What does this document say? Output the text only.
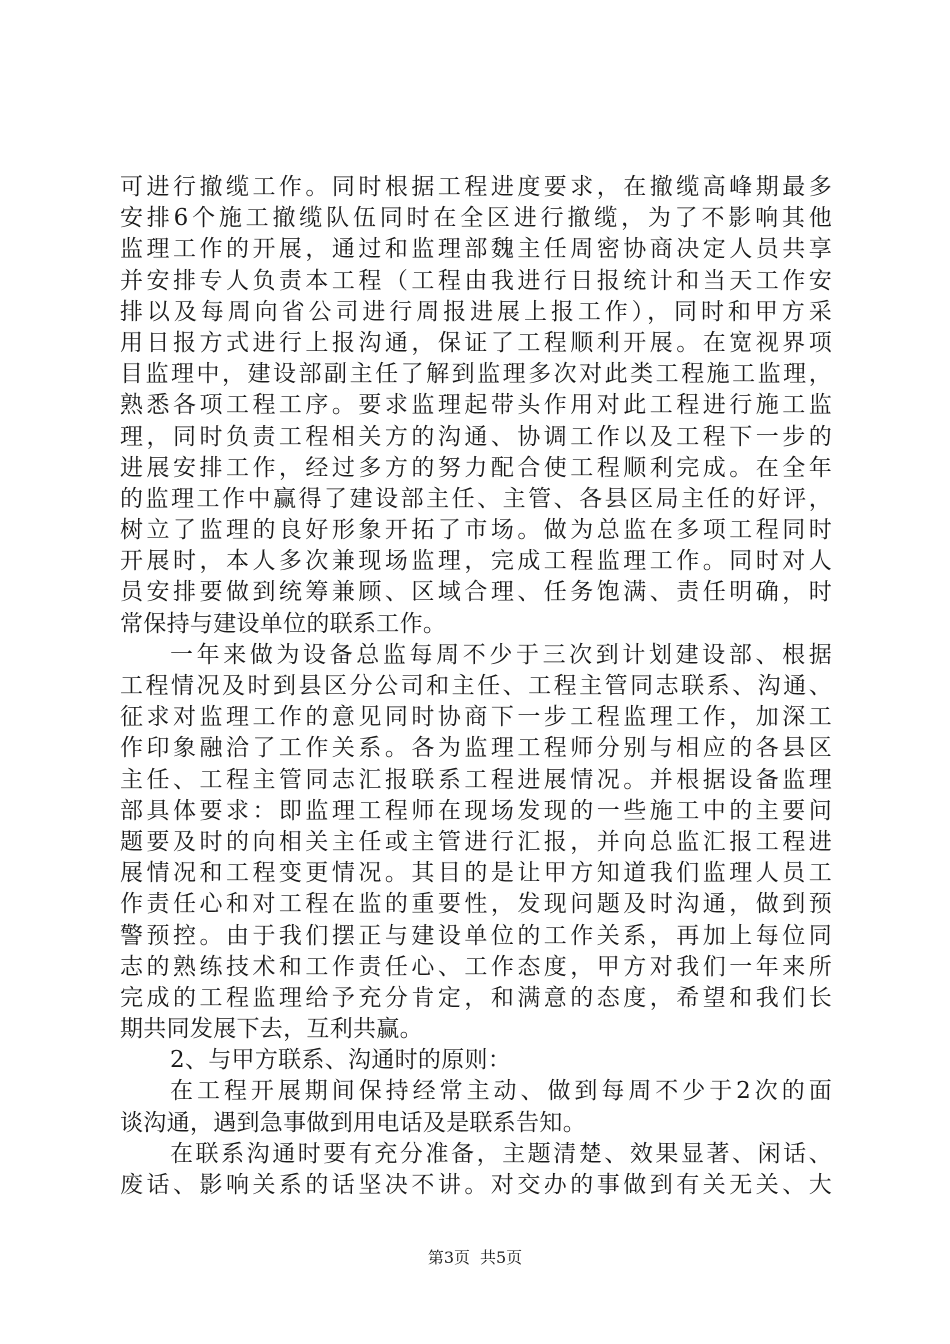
可进行撤缆工作。同时根据工程进度要求，在撤缆高峰期最多
安排6个施工撤缆队伍同时在全区进行撤缆，为了不影响其他
监理工作的开展，通过和监理部魏主任周密协商决定人员共享
并安排专人负责本工程（工程由我进行日报统计和当天工作安
排以及每周向省公司进行周报进展上报工作），同时和甲方采
用日报方式进行上报沟通，保证了工程顺利开展。在宽视界项
目监理中，建设部副主任了解到监理多次对此类工程施工监理，
熟悉各项工程工序。要求监理起带头作用对此工程进行施工监
理，同时负责工程相关方的沟通、协调工作以及工程下一步的
进展安排工作，经过多方的努力配合使工程顺利完成。在全年
的监理工作中赢得了建设部主任、主管、各县区局主任的好评，
树立了监理的良好形象开拓了市场。做为总监在多项工程同时
开展时，本人多次兼现场监理，完成工程监理工作。同时对人
员安排要做到统筹兼顾、区域合理、任务饱满、责任明确，时
常保持与建设单位的联系工作。
一年来做为设备总监每周不少于三次到计划建设部、根据
工程情况及时到县区分公司和主任、工程主管同志联系、沟通、
征求对监理工作的意见同时协商下一步工程监理工作，加深工
作印象融洽了工作关系。各为监理工程师分别与相应的各县区
主任、工程主管同志汇报联系工程进展情况。并根据设备监理
部具体要求：即监理工程师在现场发现的一些施工中的主要问
题要及时的向相关主任或主管进行汇报，并向总监汇报工程进
展情况和工程变更情况。其目的是让甲方知道我们监理人员工
作责任心和对工程在监的重要性，发现问题及时沟通，做到预
警预控。由于我们摆正与建设单位的工作关系，再加上每位同
志的熟练技术和工作责任心、工作态度，甲方对我们一年来所
完成的工程监理给予充分肯定，和满意的态度，希望和我们长
期共同发展下去，互利共赢。
2、与甲方联系、沟通时的原则：
在工程开展期间保持经常主动、做到每周不少于2次的面
谈沟通，遇到急事做到用电话及是联系告知。
在联系沟通时要有充分准备，主题清楚、效果显著、闲话、
废话、影响关系的话坚决不讲。对交办的事做到有关无关、大
第3页 共5页
